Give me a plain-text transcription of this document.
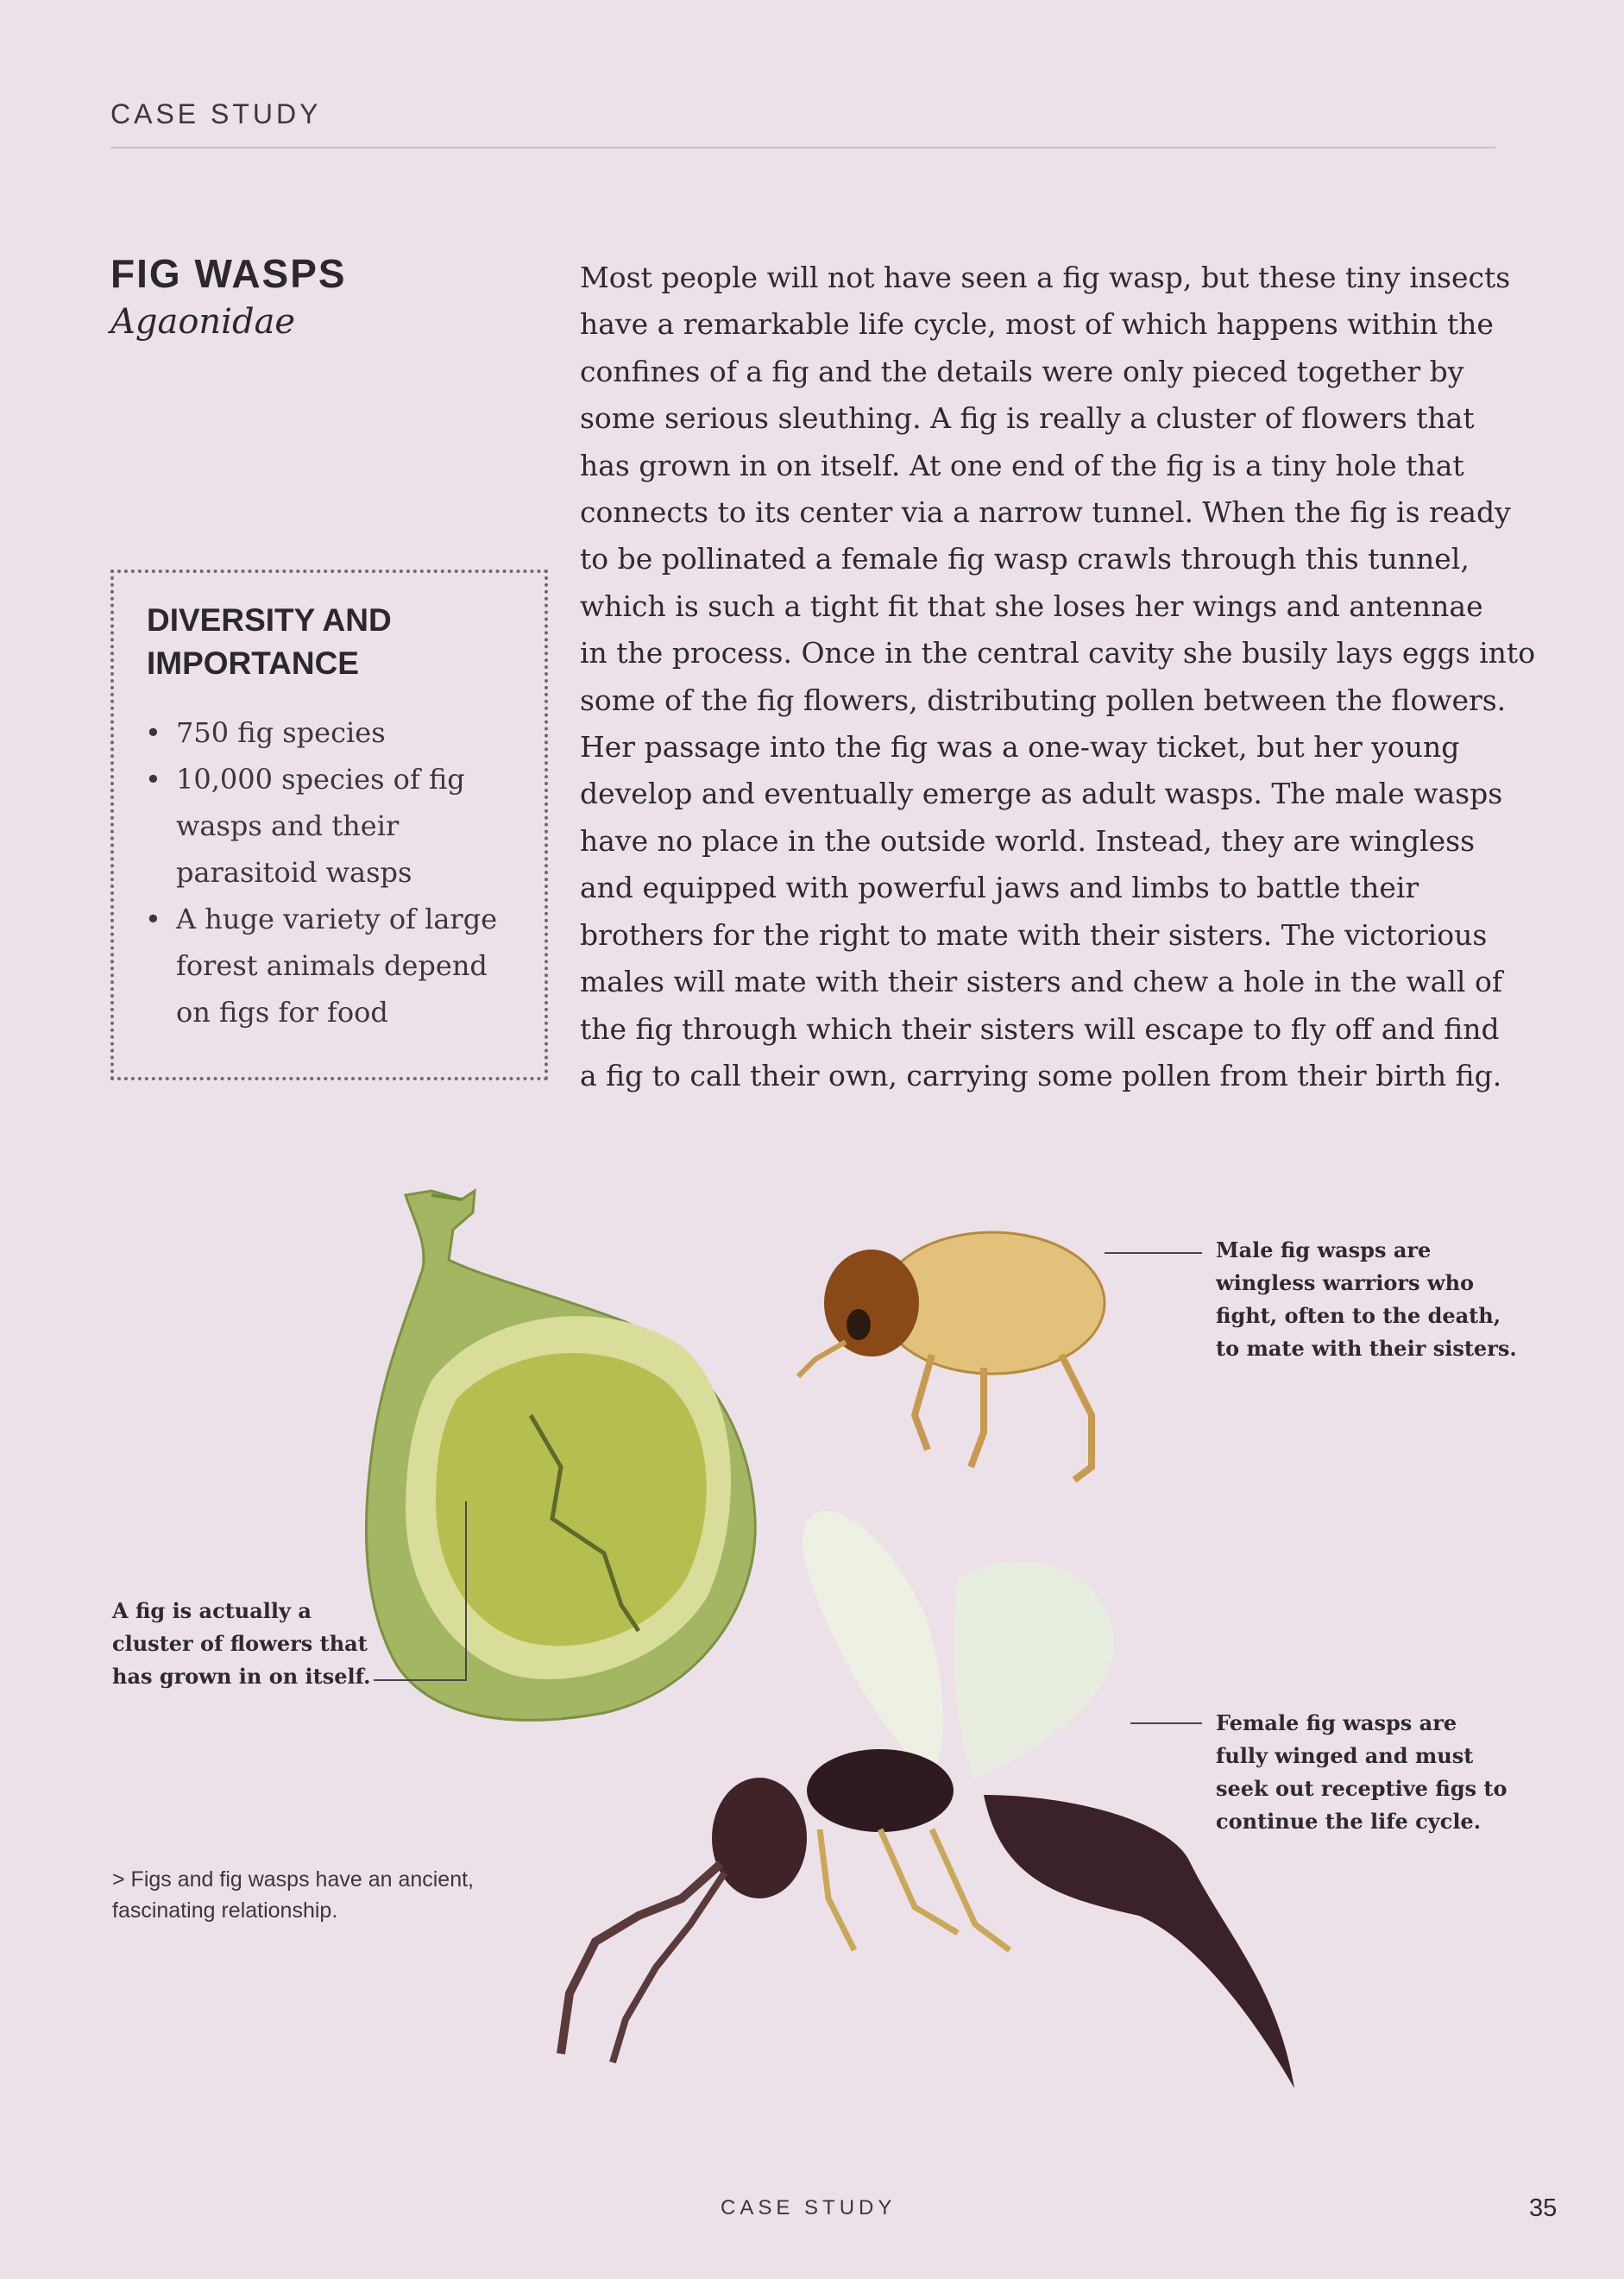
CASE STUDY
FIG WASPS
Agaonidae
Most people will not have seen a fig wasp, but these tiny insects
have a remarkable life cycle, most of which happens within the
confines of a fig and the details were only pieced together by
some serious sleuthing. A fig is really a cluster of flowers that
has grown in on itself. At one end of the fig is a tiny hole that
connects to its center via a narrow tunnel. When the fig is ready
to be pollinated a female fig wasp crawls through this tunnel,
which is such a tight fit that she loses her wings and antennae
in the process. Once in the central cavity she busily lays eggs into
some of the fig flowers, distributing pollen between the flowers.
Her passage into the fig was a one-way ticket, but her young
develop and eventually emerge as adult wasps. The male wasps
have no place in the outside world. Instead, they are wingless
and equipped with powerful jaws and limbs to battle their
brothers for the right to mate with their sisters. The victorious
males will mate with their sisters and chew a hole in the wall of
the fig through which their sisters will escape to fly off and find
a fig to call their own, carrying some pollen from their birth fig.
DIVERSITY AND
IMPORTANCE
• 750 fig species
• 10,000 species of fig wasps and their parasitoid wasps
• A huge variety of large forest animals depend on figs for food
Male fig wasps are
wingless warriors who
fight, often to the death,
to mate with their sisters.
A fig is actually a
cluster of flowers that
has grown in on itself.
Female fig wasps are
fully winged and must
seek out receptive figs to
continue the life cycle.
> Figs and fig wasps have an ancient, fascinating relationship.
CASE STUDY	35
